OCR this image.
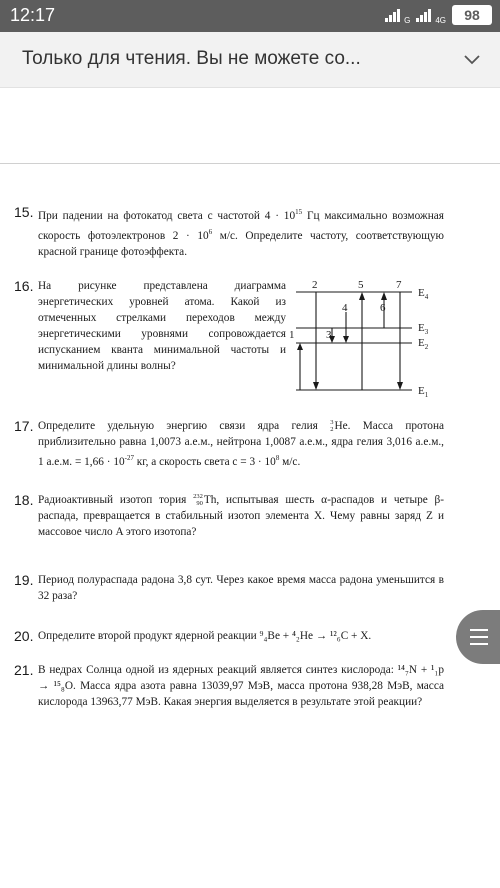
12:17	G	4G	98
Только для чтения. Вы не можете со...
15. При падении на фотокатод света с частотой $4 \cdot 10^{15}$ Гц максимально возможная скорость фотоэлектронов $2 \cdot 10^6$ м/с. Определите частоту, соответствующую красной границе фотоэффекта.
16. На рисунке представлена диаграмма энергетических уровней атома. Какой из отмеченных стрелками переходов между энергетическими уровнями сопровождается испусканием кванта минимальной частоты и минимальной длины волны?
$E_4$
$E_3$
$E_2$
$E_1$
1
2
3
4
5
6
7
17. Определите удельную энергию связи ядра гелия 3
2 He . Масса протона приблизительно равна 1,0073 а.е.м., нейтрона 1,0087 а.е.м., ядра гелия 3,016 а.е.м., 1 а.е.м. = $1,66 \cdot 10^{-27}$ кг, а скорость света $c = 3 \cdot 10^8$ м/с.
18. Радиоактивный изотоп тория 232
90 Th , испытывая шесть α-распадов и четыре β-распада, превращается в стабильный изотоп элемента X. Чему равны заряд Z и массовое число A этого изотопа?
19. Период полураспада радона 3,8 сут. Через какое время масса радона уменьшится в 32 раза?
20. Определите второй продукт ядерной реакции ⁹₄Be + ⁴₂He → ¹²₆C + X.
21. В недрах Солнца одной из ядерных реакций является синтез кислорода: ¹⁴₇N + ¹₁p → ¹⁵₈O. Масса ядра азота равна 13039,97 МэВ, масса протона 938,28 МэВ, масса кислорода 13963,77 МэВ. Какая энергия выделяется в результате этой реакции?
